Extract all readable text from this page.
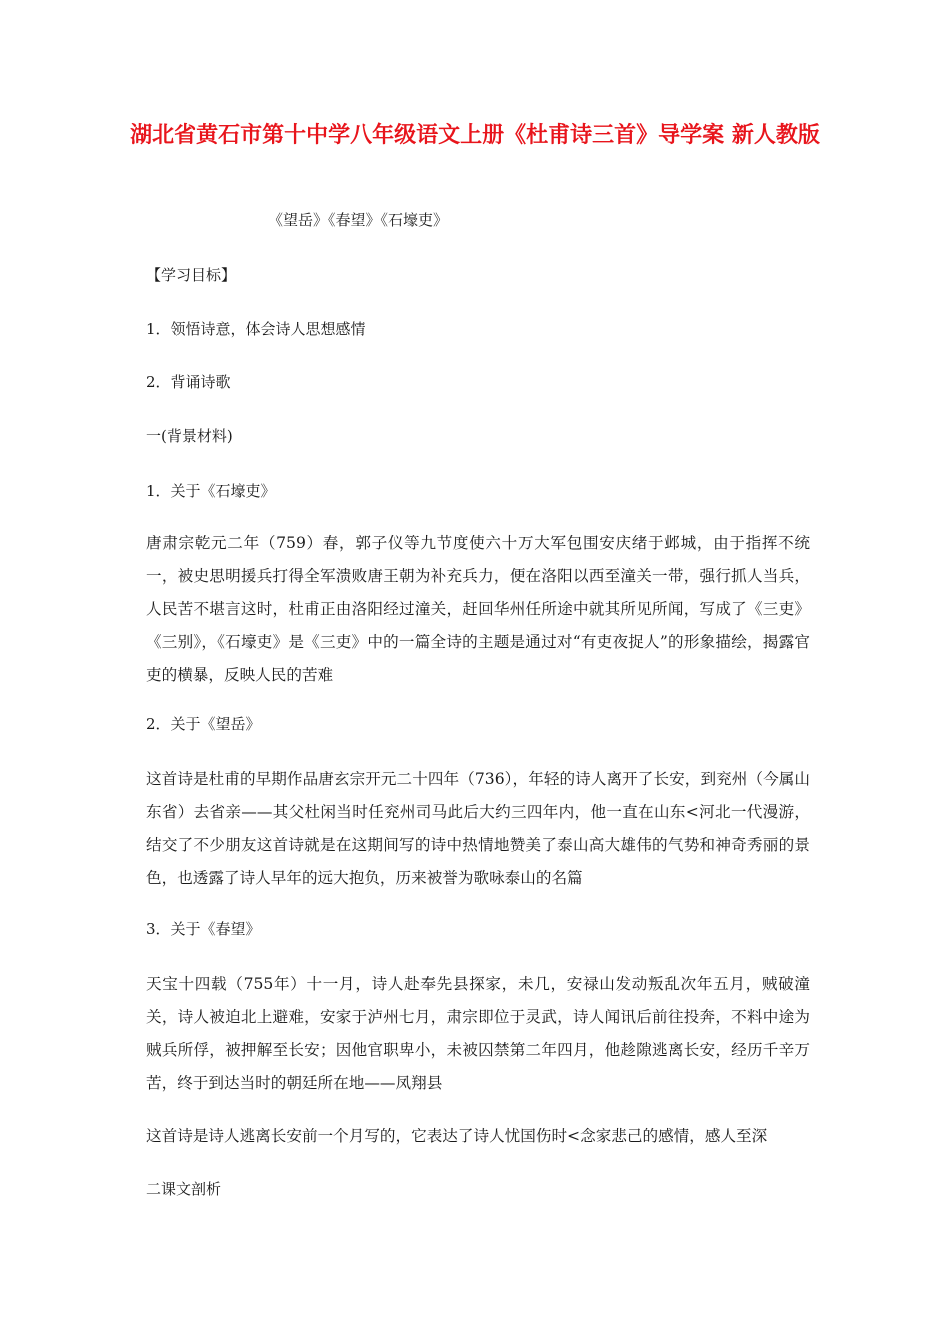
湖北省黄石市第十中学八年级语文上册《杜甫诗三首》导学案 新人教版
《望岳》《春望》《石壕吏》
【学习目标】
1．领悟诗意，体会诗人思想感情
2．背诵诗歌
一(背景材料)
1．关于《石壕吏》
唐肃宗乾元二年（759）春，郭子仪等九节度使六十万大军包围安庆绪于邺城，由于指挥不统一，被史思明援兵打得全军溃败唐王朝为补充兵力，便在洛阳以西至潼关一带，强行抓人当兵，人民苦不堪言这时，杜甫正由洛阳经过潼关，赶回华州任所途中就其所见所闻，写成了《三吏》《三别》，《石壕吏》是《三吏》中的一篇全诗的主题是通过对“有吏夜捉人”的形象描绘，揭露官吏的横暴，反映人民的苦难
2．关于《望岳》
这首诗是杜甫的早期作品唐玄宗开元二十四年（736），年轻的诗人离开了长安，到兖州（今属山东省）去省亲——其父杜闲当时任兖州司马此后大约三四年内，他一直在山东<河北一代漫游，结交了不少朋友这首诗就是在这期间写的诗中热情地赞美了泰山高大雄伟的气势和神奇秀丽的景色，也透露了诗人早年的远大抱负，历来被誉为歌咏泰山的名篇
3．关于《春望》
天宝十四载（755年）十一月，诗人赴奉先县探家，未几，安禄山发动叛乱次年五月，贼破潼关，诗人被迫北上避难，安家于泸州七月，肃宗即位于灵武，诗人闻讯后前往投奔，不料中途为贼兵所俘，被押解至长安；因他官职卑小，未被囚禁第二年四月，他趁隙逃离长安，经历千辛万苦，终于到达当时的朝廷所在地——凤翔县
这首诗是诗人逃离长安前一个月写的，它表达了诗人忧国伤时<念家悲己的感情，感人至深
二课文剖析
